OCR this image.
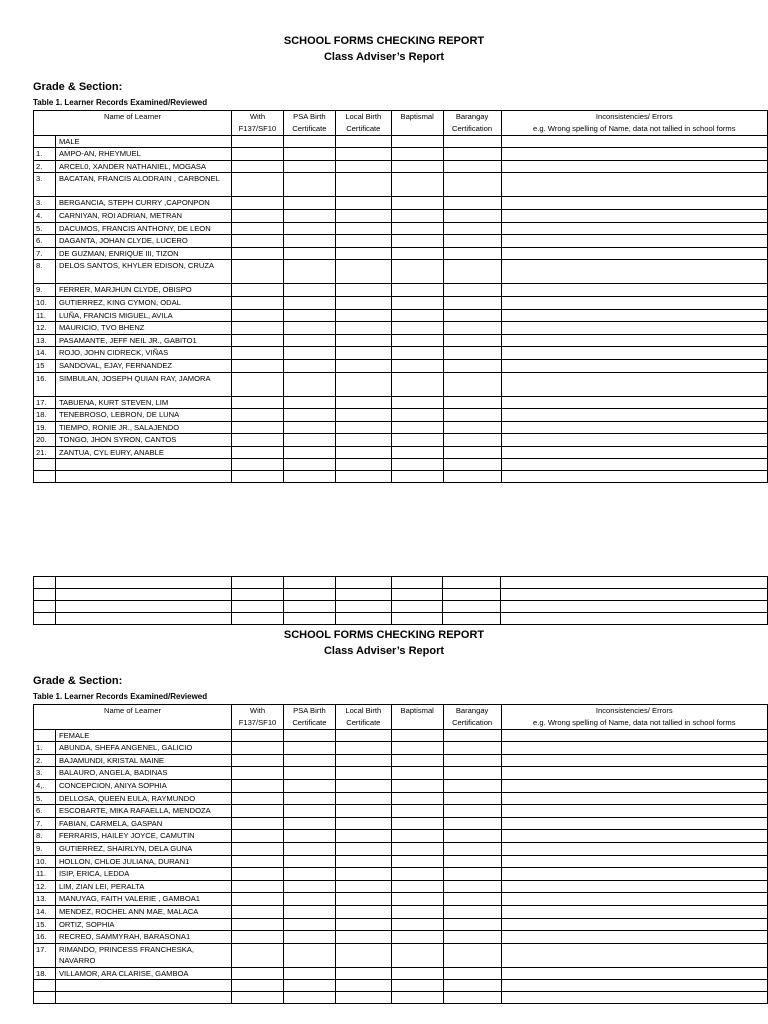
SCHOOL FORMS CHECKING REPORT
Class Adviser’s Report
Grade & Section:
Table 1. Learner Records Examined/Reviewed
Name of Learner		With F137/SF10	PSA Birth Certificate	Local Birth Certificate	Baptismal	Barangay Certification	Inconsistencies/ Errors
e.g. Wrong spelling of Name, data not tallied in school forms

	MALE						
1.	AMPO-AN, RHEYMUEL						
2.	ARCEL0, XANDER NATHANIEL, MOGASA						
3.	BACATAN, FRANCIS ALODRAIN , CARBONEL						
3.	BERGANCIA, STEPH CURRY ,CAPONPON						
4.	CARNIYAN, ROI ADRIAN, METRAN						
5.	DACUMOS, FRANCIS ANTHONY, DE LEON						
6.	DAGANTA, JOHAN CLYDE, LUCERO						
7.	DE GUZMAN, ENRIQUE III, TIZON						
8.	DELOS SANTOS, KHYLER EDISON, CRUZA						
9.	FERRER, MARJHUN CLYDE, OBISPO						
10.	GUTIERREZ, KING CYMON, ODAL						
11.	LUÑA, FRANCIS MIGUEL, AVILA						
12.	MAURICIO, TVO BHENZ						
13.	PASAMANTE, JEFF NEIL JR., GABITO1						
14.	ROJO, JOHN CIDRECK, VIÑAS						
15	SANDOVAL, EJAY, FERNANDEZ						
16.	SIMBULAN, JOSEPH QUIAN RAY, JAMORA						
17.	TABUENA, KURT STEVEN, LIM						
18.	TENEBROSO, LEBRON, DE LUNA						
19.	TIEMPO, RONIE JR., SALAJENDO						
20.	TONGO, JHON SYRON, CANTOS						
21.	ZANTUA, CYL EURY, ANABLE						

SCHOOL FORMS CHECKING REPORT
Class Adviser’s Report
Grade & Section:
Table 1. Learner Records Examined/Reviewed
Name of Learner		With F137/SF10	PSA Birth Certificate	Local Birth Certificate	Baptismal	Barangay Certification	Inconsistencies/ Errors
e.g. Wrong spelling of Name, data not tallied in school forms

	FEMALE						
1.	ABUNDA, SHEFA ANGENEL, GALICIO						
2.	BAJAMUNDI, KRISTAL MAINE						
3.	BALAURO, ANGELA, BADINAS						
4,.	CONCEPCION, ANIYA SOPHIA						
5.	DELLOSA, QUEEN EULA, RAYMUNDO						
6.	ESCOBARTE, MIKA RAFAELLA, MENDOZA						
7.	FABIAN, CARMELA, GASPAN						
8.	FERRARIS, HAILEY JOYCE, CAMUTIN						
9.	GUTIERREZ, SHAIRLYN, DELA GUNA						
10.	HOLLON, CHLOE JULIANA, DURAN1						
11.	ISIP, ERICA, LEDDA						
12.	LIM, ZIAN LEI, PERALTA						
13.	MANUYAG, FAITH VALERIE , GAMBOA1						
14.	MENDEZ, ROCHEL ANN MAE, MALACA						
15.	ORTIZ, SOPHIA						
16.	RECREO, SAMMYRAH, BARASONA1						
17.	RIMANDO, PRINCESS FRANCHESKA, NAVARRO						
18.	VILLAMOR, ARA CLARISE, GAMBOA						
